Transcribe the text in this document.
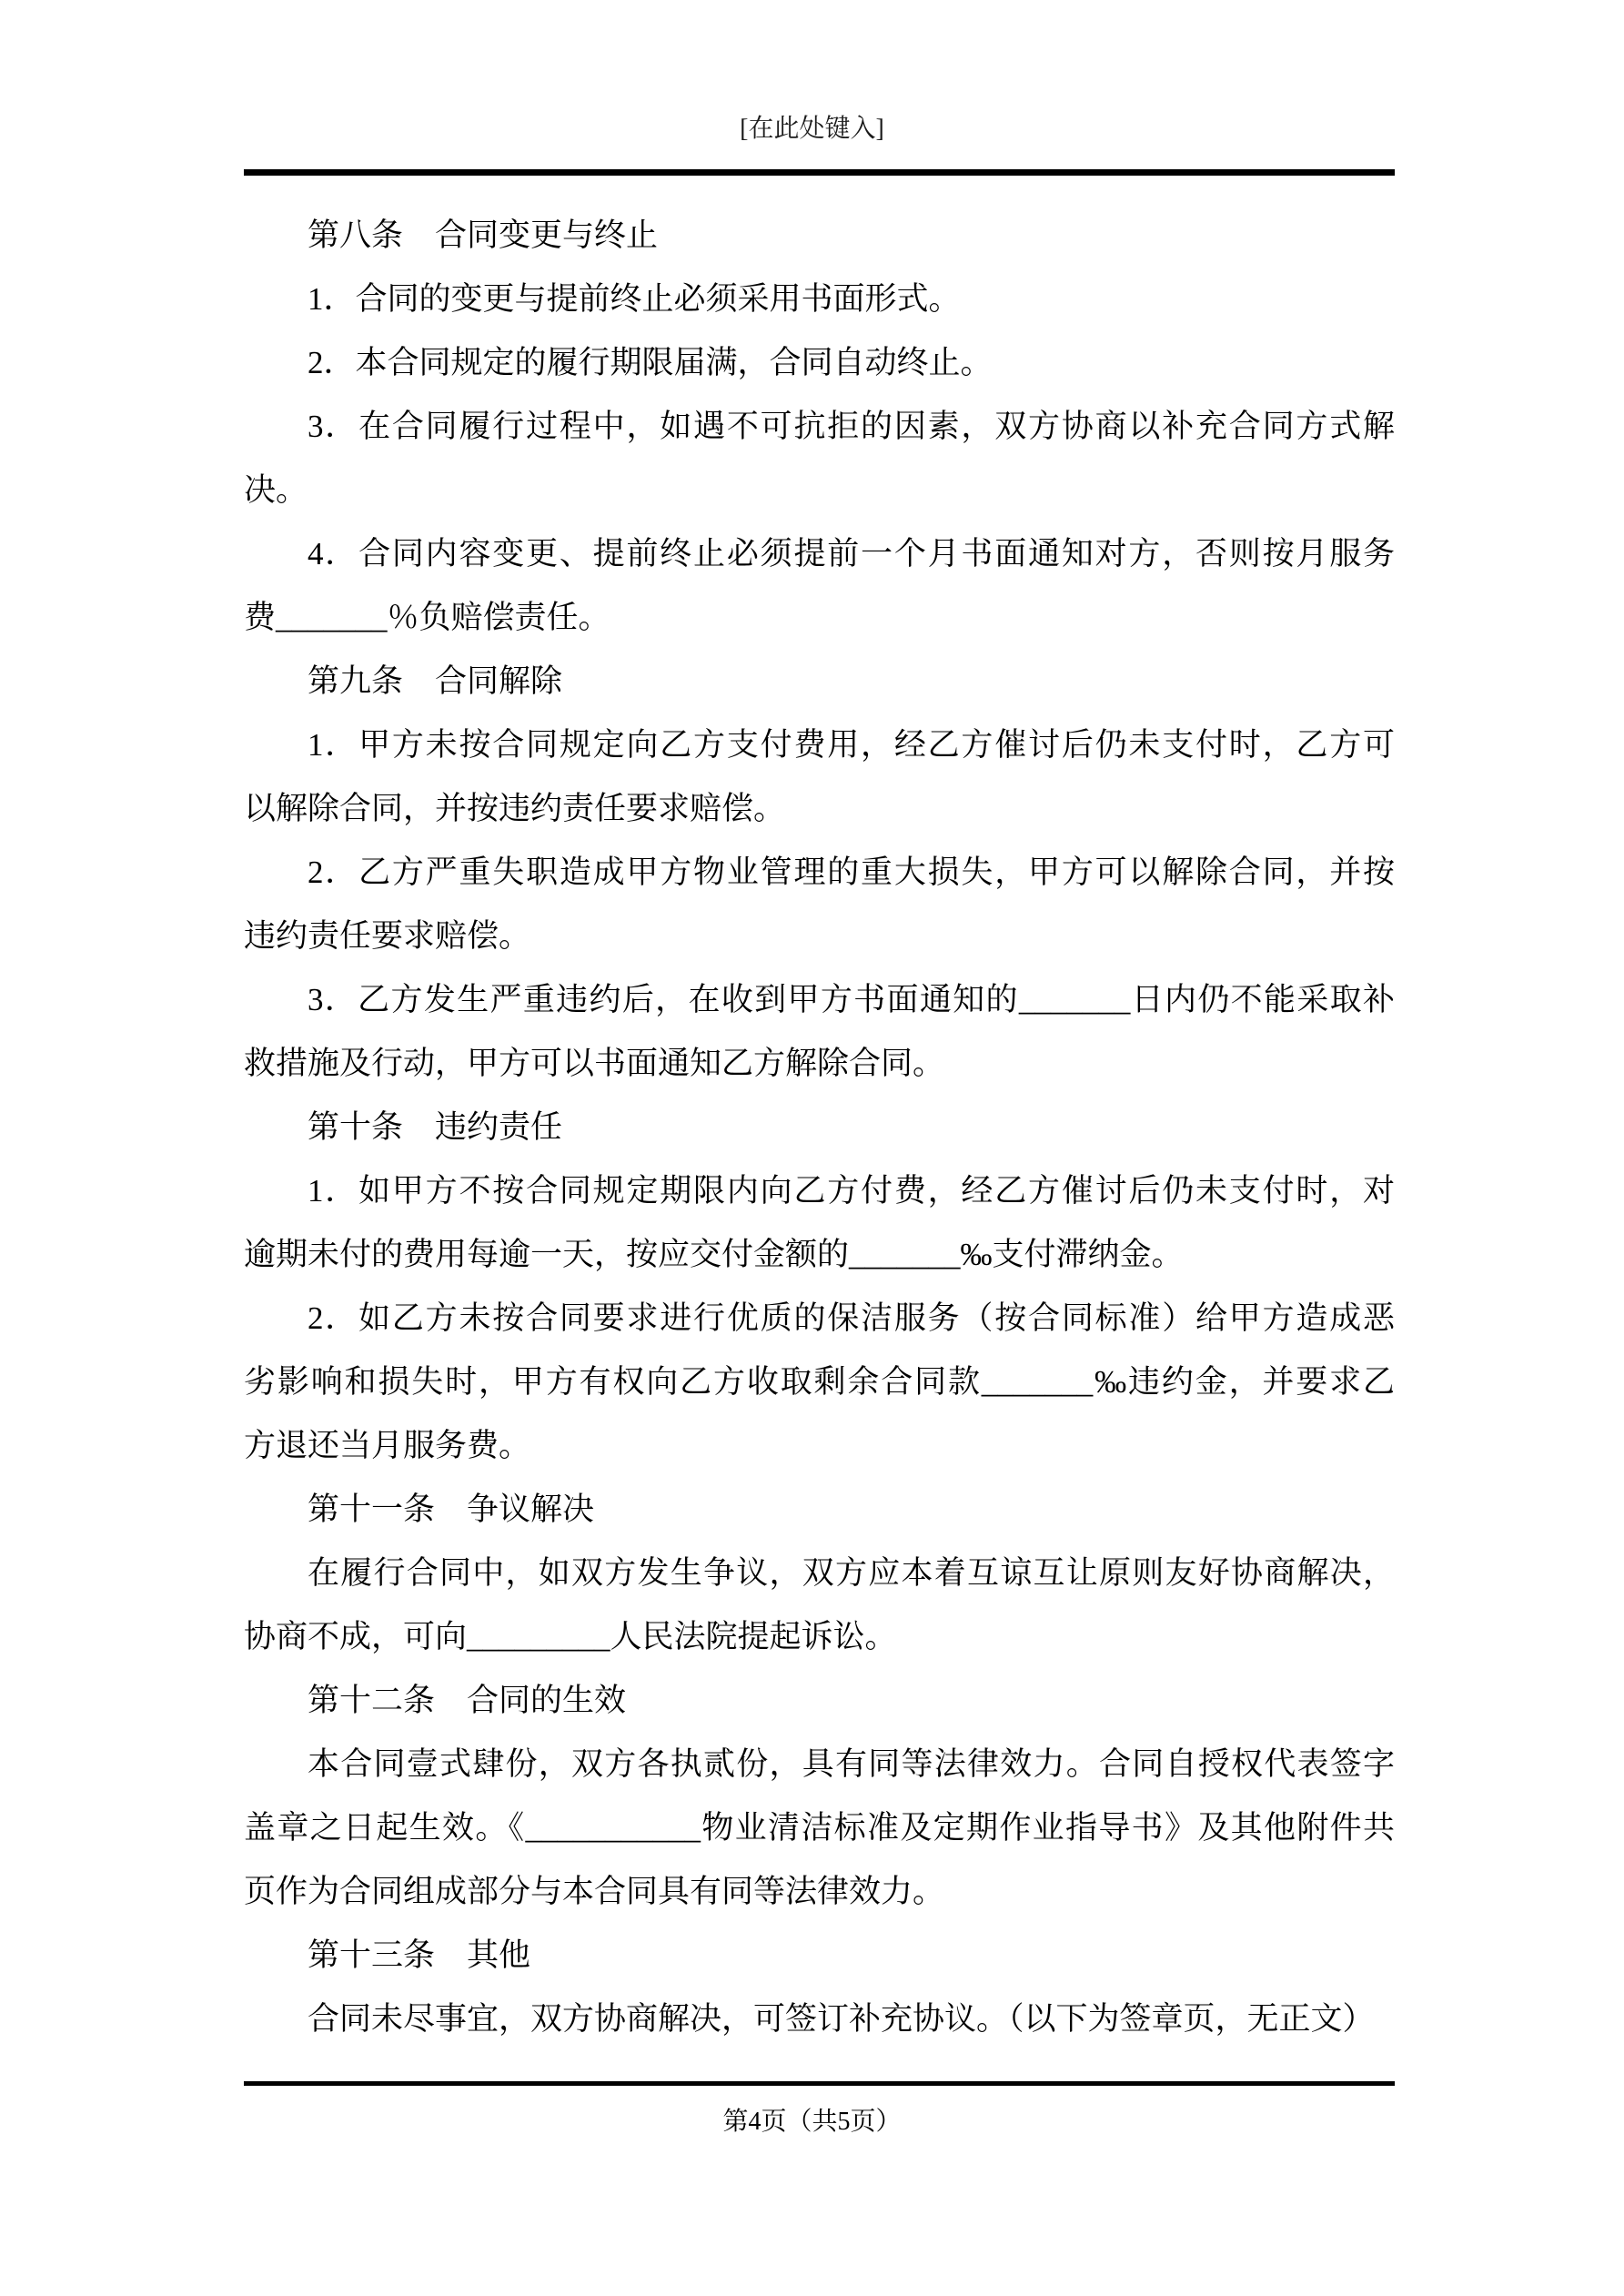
[在此处键入]
第八条　合同变更与终止
1．合同的变更与提前终止必须采用书面形式。
2．本合同规定的履行期限届满，合同自动终止。
3．在合同履行过程中，如遇不可抗拒的因素，双方协商以补充合同方式解
决。
4．合同内容变更、提前终止必须提前一个月书面通知对方，否则按月服务
费_______％负赔偿责任。
第九条　合同解除
1．甲方未按合同规定向乙方支付费用，经乙方催讨后仍未支付时，乙方可
以解除合同，并按违约责任要求赔偿。
2．乙方严重失职造成甲方物业管理的重大损失，甲方可以解除合同，并按
违约责任要求赔偿。
3．乙方发生严重违约后，在收到甲方书面通知的_______日内仍不能采取补
救措施及行动，甲方可以书面通知乙方解除合同。
第十条　违约责任
1．如甲方不按合同规定期限内向乙方付费，经乙方催讨后仍未支付时，对
逾期未付的费用每逾一天，按应交付金额的_______‰支付滞纳金。
2．如乙方未按合同要求进行优质的保洁服务（按合同标准）给甲方造成恶
劣影响和损失时，甲方有权向乙方收取剩余合同款_______‰违约金，并要求乙
方退还当月服务费。
第十一条　争议解决
在履行合同中，如双方发生争议，双方应本着互谅互让原则友好协商解决，
协商不成，可向_________人民法院提起诉讼。
第十二条　合同的生效
本合同壹式肆份，双方各执贰份，具有同等法律效力。合同自授权代表签字
盖章之日起生效。《___________物业清洁标准及定期作业指导书》及其他附件共
页作为合同组成部分与本合同具有同等法律效力。
第十三条　其他
合同未尽事宜，双方协商解决，可签订补充协议。（以下为签章页，无正文）
第4页（共5页）
